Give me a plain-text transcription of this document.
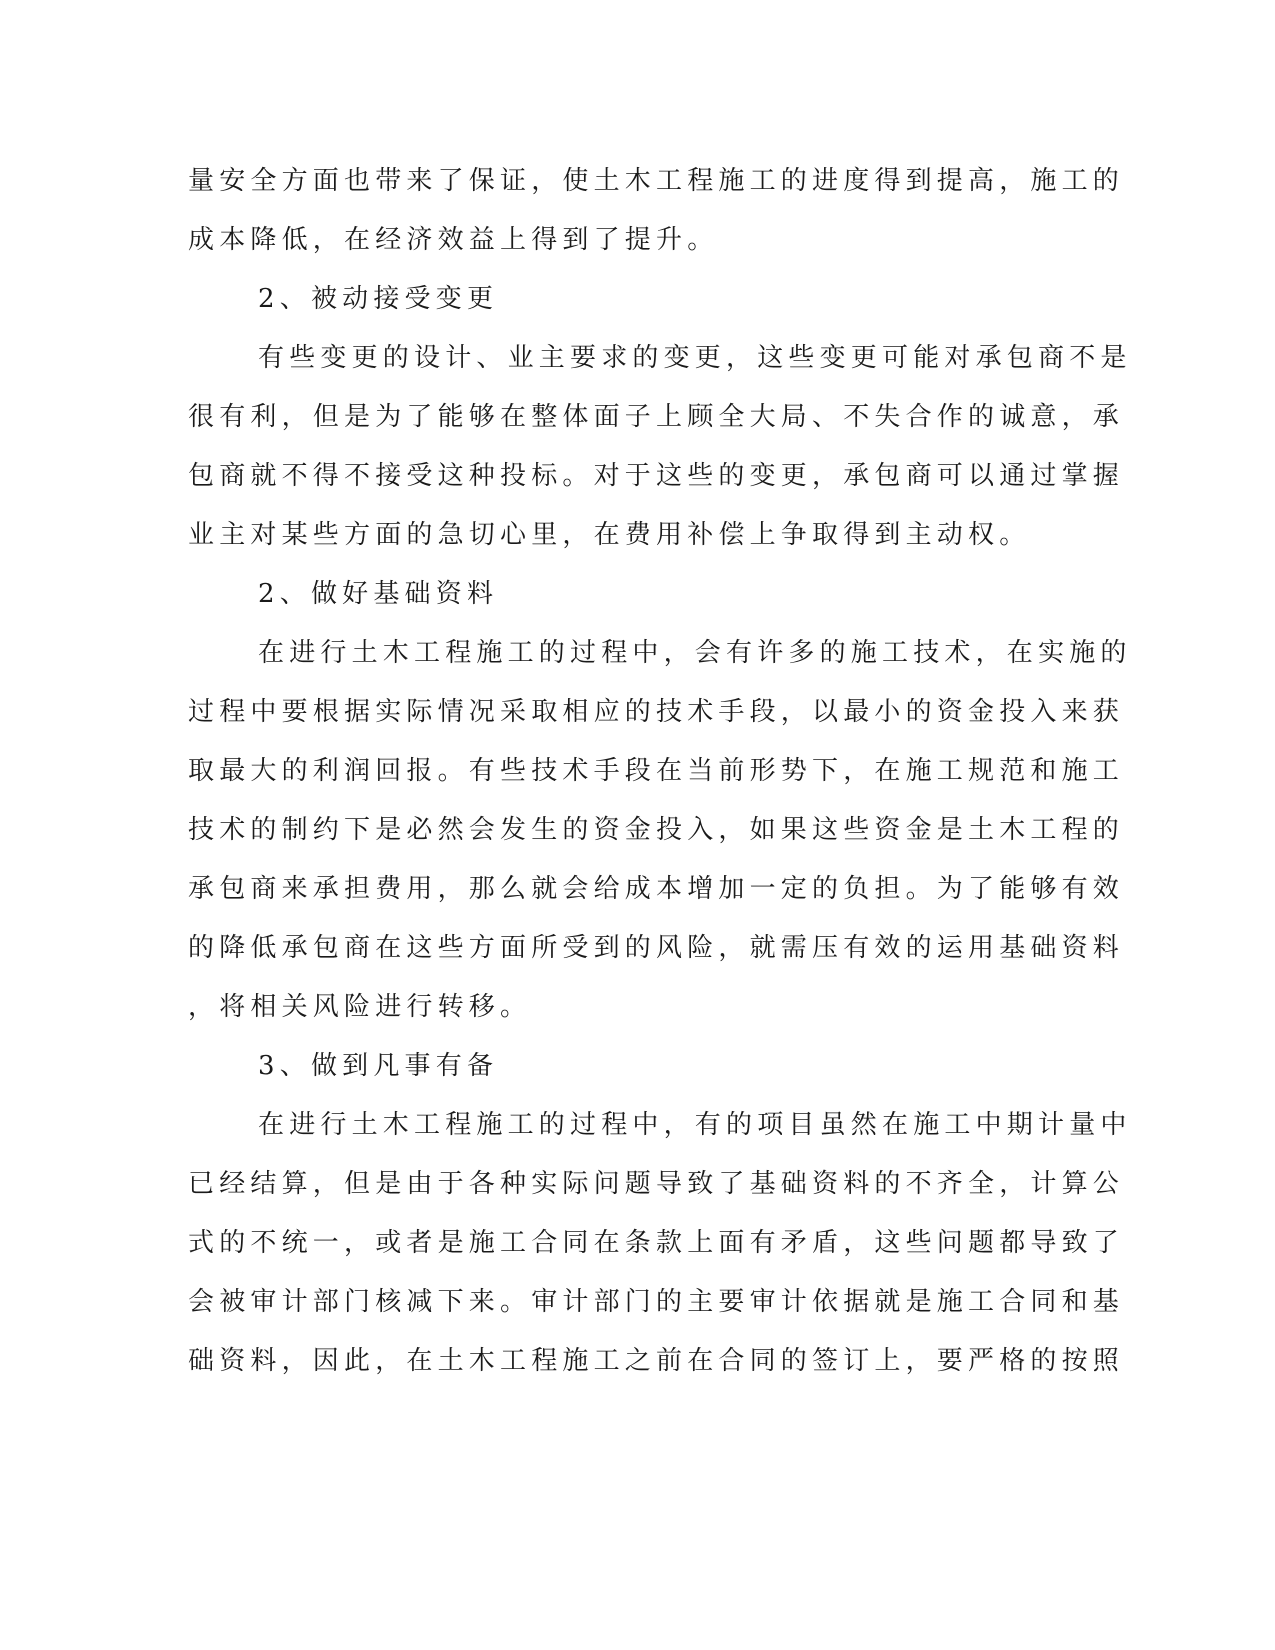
量安全方面也带来了保证，使土木工程施工的进度得到提高，施工的
成本降低，在经济效益上得到了提升。
2、被动接受变更
有些变更的设计、业主要求的变更，这些变更可能对承包商不是
很有利，但是为了能够在整体面子上顾全大局、不失合作的诚意，承
包商就不得不接受这种投标。对于这些的变更，承包商可以通过掌握
业主对某些方面的急切心里，在费用补偿上争取得到主动权。
2、做好基础资料
在进行土木工程施工的过程中，会有许多的施工技术，在实施的
过程中要根据实际情况采取相应的技术手段，以最小的资金投入来获
取最大的利润回报。有些技术手段在当前形势下，在施工规范和施工
技术的制约下是必然会发生的资金投入，如果这些资金是土木工程的
承包商来承担费用，那么就会给成本增加一定的负担。为了能够有效
的降低承包商在这些方面所受到的风险，就需压有效的运用基础资料
，将相关风险进行转移。
3、做到凡事有备
在进行土木工程施工的过程中，有的项目虽然在施工中期计量中
已经结算，但是由于各种实际问题导致了基础资料的不齐全，计算公
式的不统一，或者是施工合同在条款上面有矛盾，这些问题都导致了
会被审计部门核减下来。审计部门的主要审计依据就是施工合同和基
础资料，因此，在土木工程施工之前在合同的签订上，要严格的按照
